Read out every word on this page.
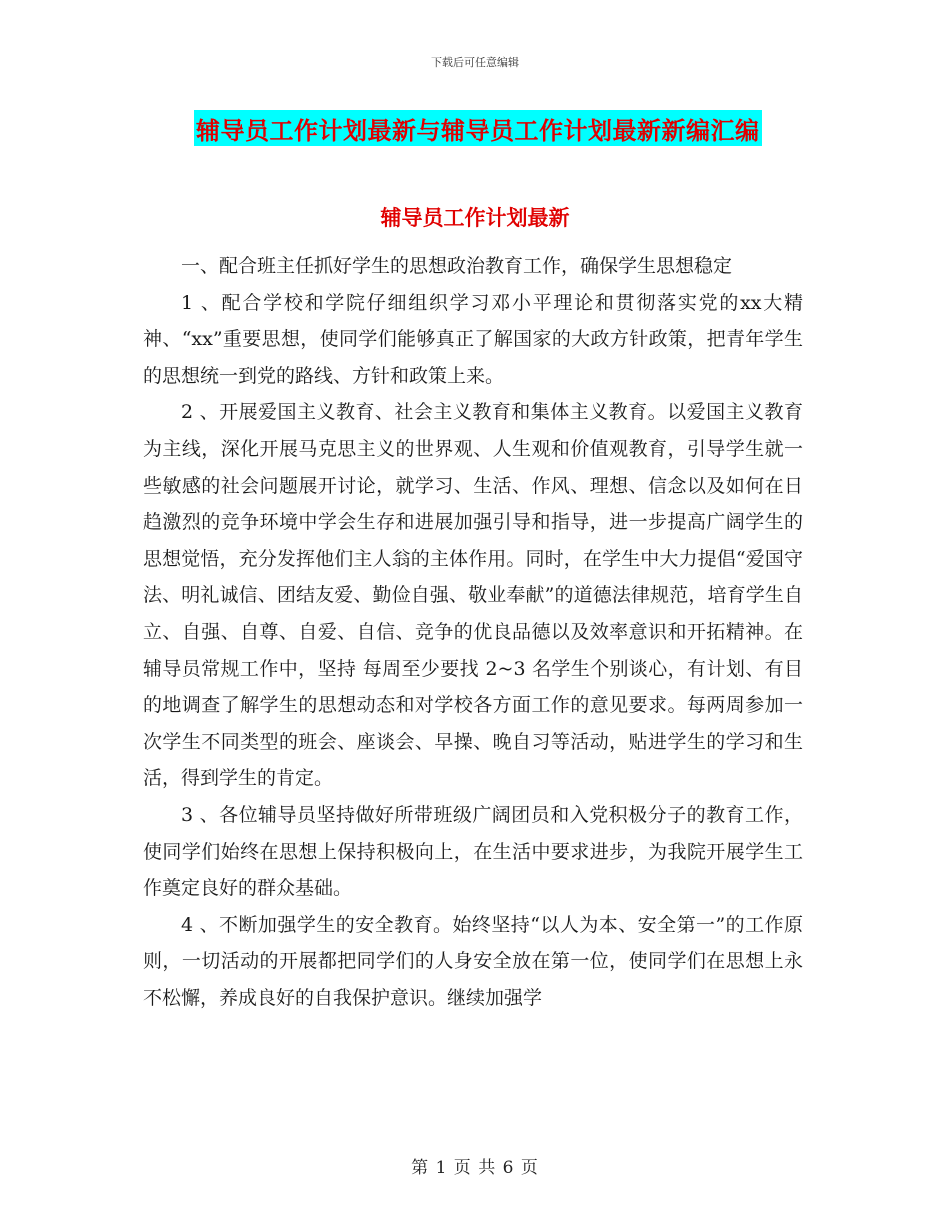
下载后可任意编辑
辅导员工作计划最新与辅导员工作计划最新新编汇编
辅导员工作计划最新

一、配合班主任抓好学生的思想政治教育工作，确保学生思想稳定

1 、配合学校和学院仔细组织学习邓小平理论和贯彻落实党的xx大精神、“xx”重要思想，使同学们能够真正了解国家的大政方针政策，把青年学生的思想统一到党的路线、方针和政策上来。

2 、开展爱国主义教育、社会主义教育和集体主义教育。以爱国主义教育为主线，深化开展马克思主义的世界观、人生观和价值观教育，引导学生就一些敏感的社会问题展开讨论，就学习、生活、作风、理想、信念以及如何在日趋激烈的竞争环境中学会生存和进展加强引导和指导，进一步提高广阔学生的思想觉悟，充分发挥他们主人翁的主体作用。同时，在学生中大力提倡“爱国守法、明礼诚信、团结友爱、勤俭自强、敬业奉献”的道德法律规范，培育学生自立、自强、自尊、自爱、自信、竞争的优良品德以及效率意识和开拓精神。在辅导员常规工作中，坚持 每周至少要找 2~3 名学生个别谈心，有计划、有目的地调查了解学生的思想动态和对学校各方面工作的意见要求。每两周参加一次学生不同类型的班会、座谈会、早操、晚自习等活动，贴进学生的学习和生活，得到学生的肯定。

3 、各位辅导员坚持做好所带班级广阔团员和入党积极分子的教育工作，使同学们始终在思想上保持积极向上，在生活中要求进步，为我院开展学生工作奠定良好的群众基础。

4 、不断加强学生的安全教育。始终坚持“以人为本、安全第一”的工作原则，一切活动的开展都把同学们的人身安全放在第一位，使同学们在思想上永不松懈，养成良好的自我保护意识。继续加强学

第 1 页 共 6 页
